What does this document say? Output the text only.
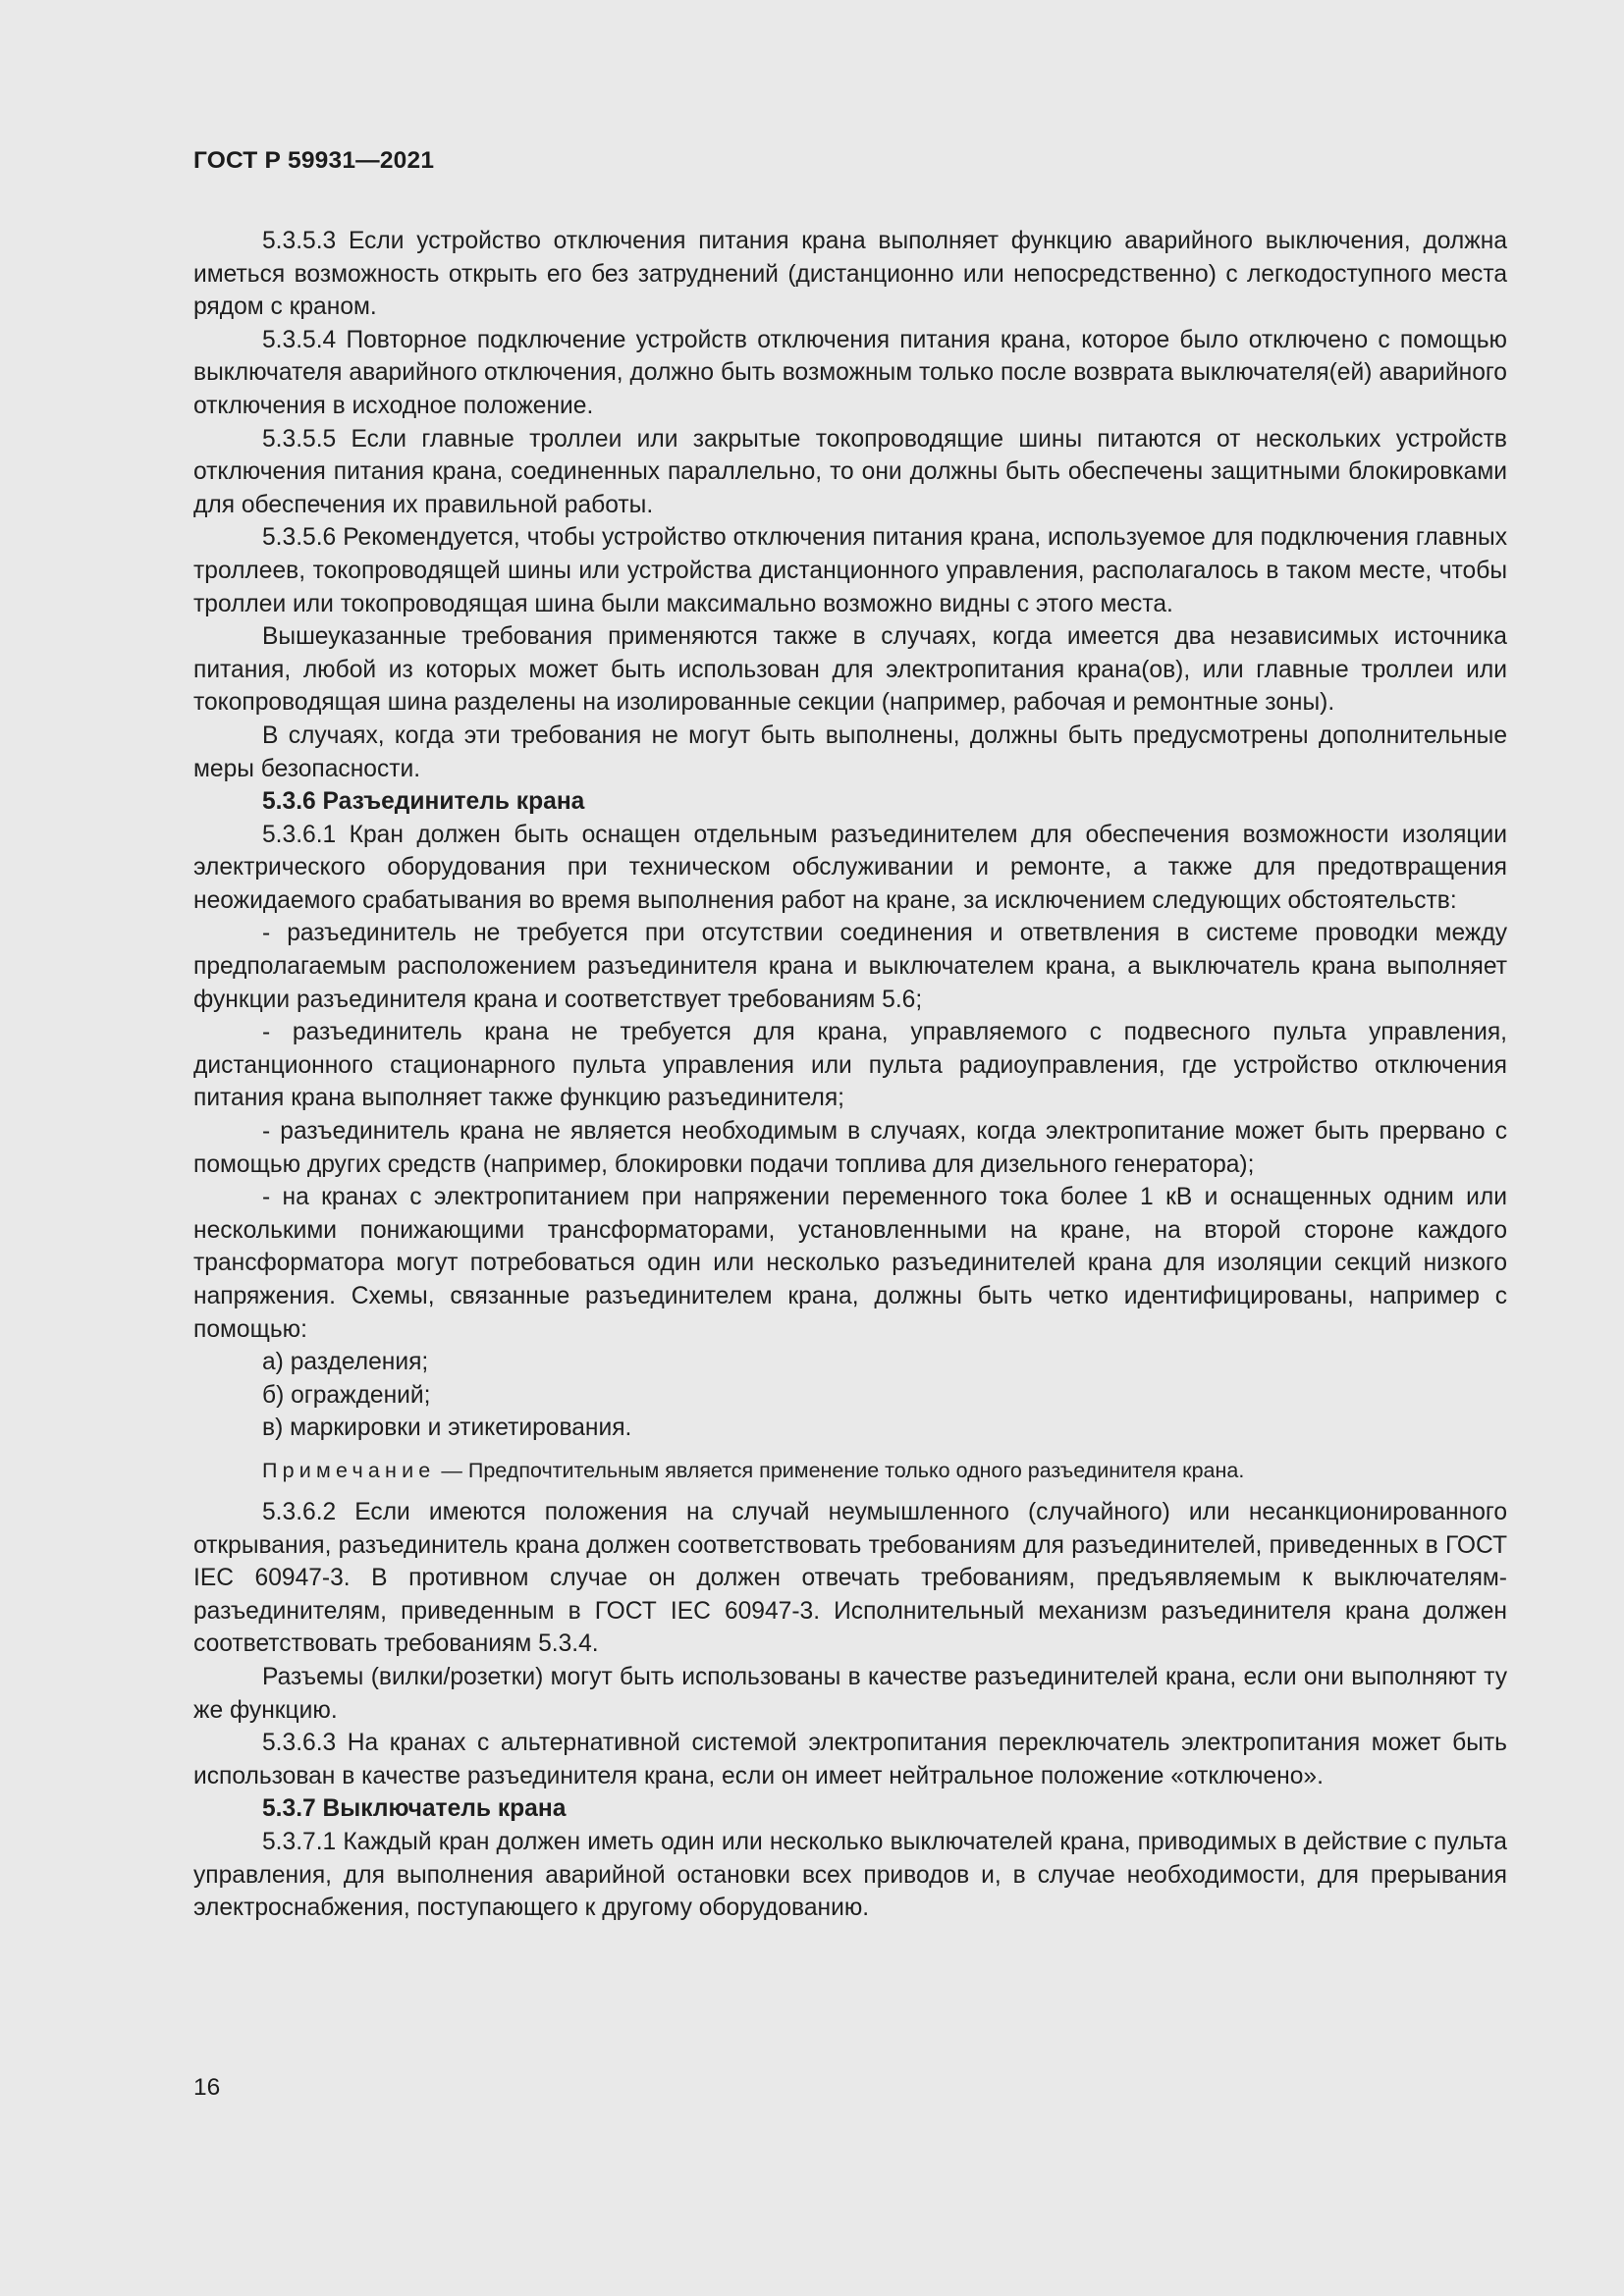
ГОСТ Р 59931—2021

5.3.5.3 Если устройство отключения питания крана выполняет функцию аварийного выключения, должна иметься возможность открыть его без затруднений (дистанционно или непосредственно) с легкодоступного места рядом с краном.

5.3.5.4 Повторное подключение устройств отключения питания крана, которое было отключено с помощью выключателя аварийного отключения, должно быть возможным только после возврата выключателя(ей) аварийного отключения в исходное положение.

5.3.5.5 Если главные троллеи или закрытые токопроводящие шины питаются от нескольких устройств отключения питания крана, соединенных параллельно, то они должны быть обеспечены защитными блокировками для обеспечения их правильной работы.

5.3.5.6 Рекомендуется, чтобы устройство отключения питания крана, используемое для подключения главных троллеев, токопроводящей шины или устройства дистанционного управления, располагалось в таком месте, чтобы троллеи или токопроводящая шина были максимально возможно видны с этого места.

Вышеуказанные требования применяются также в случаях, когда имеется два независимых источника питания, любой из которых может быть использован для электропитания крана(ов), или главные троллеи или токопроводящая шина разделены на изолированные секции (например, рабочая и ремонтные зоны).

В случаях, когда эти требования не могут быть выполнены, должны быть предусмотрены дополнительные меры безопасности.

5.3.6 Разъединитель крана

5.3.6.1 Кран должен быть оснащен отдельным разъединителем для обеспечения возможности изоляции электрического оборудования при техническом обслуживании и ремонте, а также для предотвращения неожидаемого срабатывания во время выполнения работ на кране, за исключением следующих обстоятельств:

- разъединитель не требуется при отсутствии соединения и ответвления в системе проводки между предполагаемым расположением разъединителя крана и выключателем крана, а выключатель крана выполняет функции разъединителя крана и соответствует требованиям 5.6;

- разъединитель крана не требуется для крана, управляемого с подвесного пульта управления, дистанционного стационарного пульта управления или пульта радиоуправления, где устройство отключения питания крана выполняет также функцию разъединителя;

- разъединитель крана не является необходимым в случаях, когда электропитание может быть прервано с помощью других средств (например, блокировки подачи топлива для дизельного генератора);

- на кранах с электропитанием при напряжении переменного тока более 1 кВ и оснащенных одним или несколькими понижающими трансформаторами, установленными на кране, на второй стороне каждого трансформатора могут потребоваться один или несколько разъединителей крана для изоляции секций низкого напряжения. Схемы, связанные разъединителем крана, должны быть четко идентифицированы, например с помощью:

а) разделения;

б) ограждений;

в) маркировки и этикетирования.

Примечание — Предпочтительным является применение только одного разъединителя крана.

5.3.6.2 Если имеются положения на случай неумышленного (случайного) или несанкционированного открывания, разъединитель крана должен соответствовать требованиям для разъединителей, приведенных в ГОСТ IEC 60947-3. В противном случае он должен отвечать требованиям, предъявляемым к выключателям-разъединителям, приведенным в ГОСТ IEC 60947-3. Исполнительный механизм разъединителя крана должен соответствовать требованиям 5.3.4.

Разъемы (вилки/розетки) могут быть использованы в качестве разъединителей крана, если они выполняют ту же функцию.

5.3.6.3 На кранах с альтернативной системой электропитания переключатель электропитания может быть использован в качестве разъединителя крана, если он имеет нейтральное положение «отключено».

5.3.7 Выключатель крана

5.3.7.1 Каждый кран должен иметь один или несколько выключателей крана, приводимых в действие с пульта управления, для выполнения аварийной остановки всех приводов и, в случае необходимости, для прерывания электроснабжения, поступающего к другому оборудованию.

16
